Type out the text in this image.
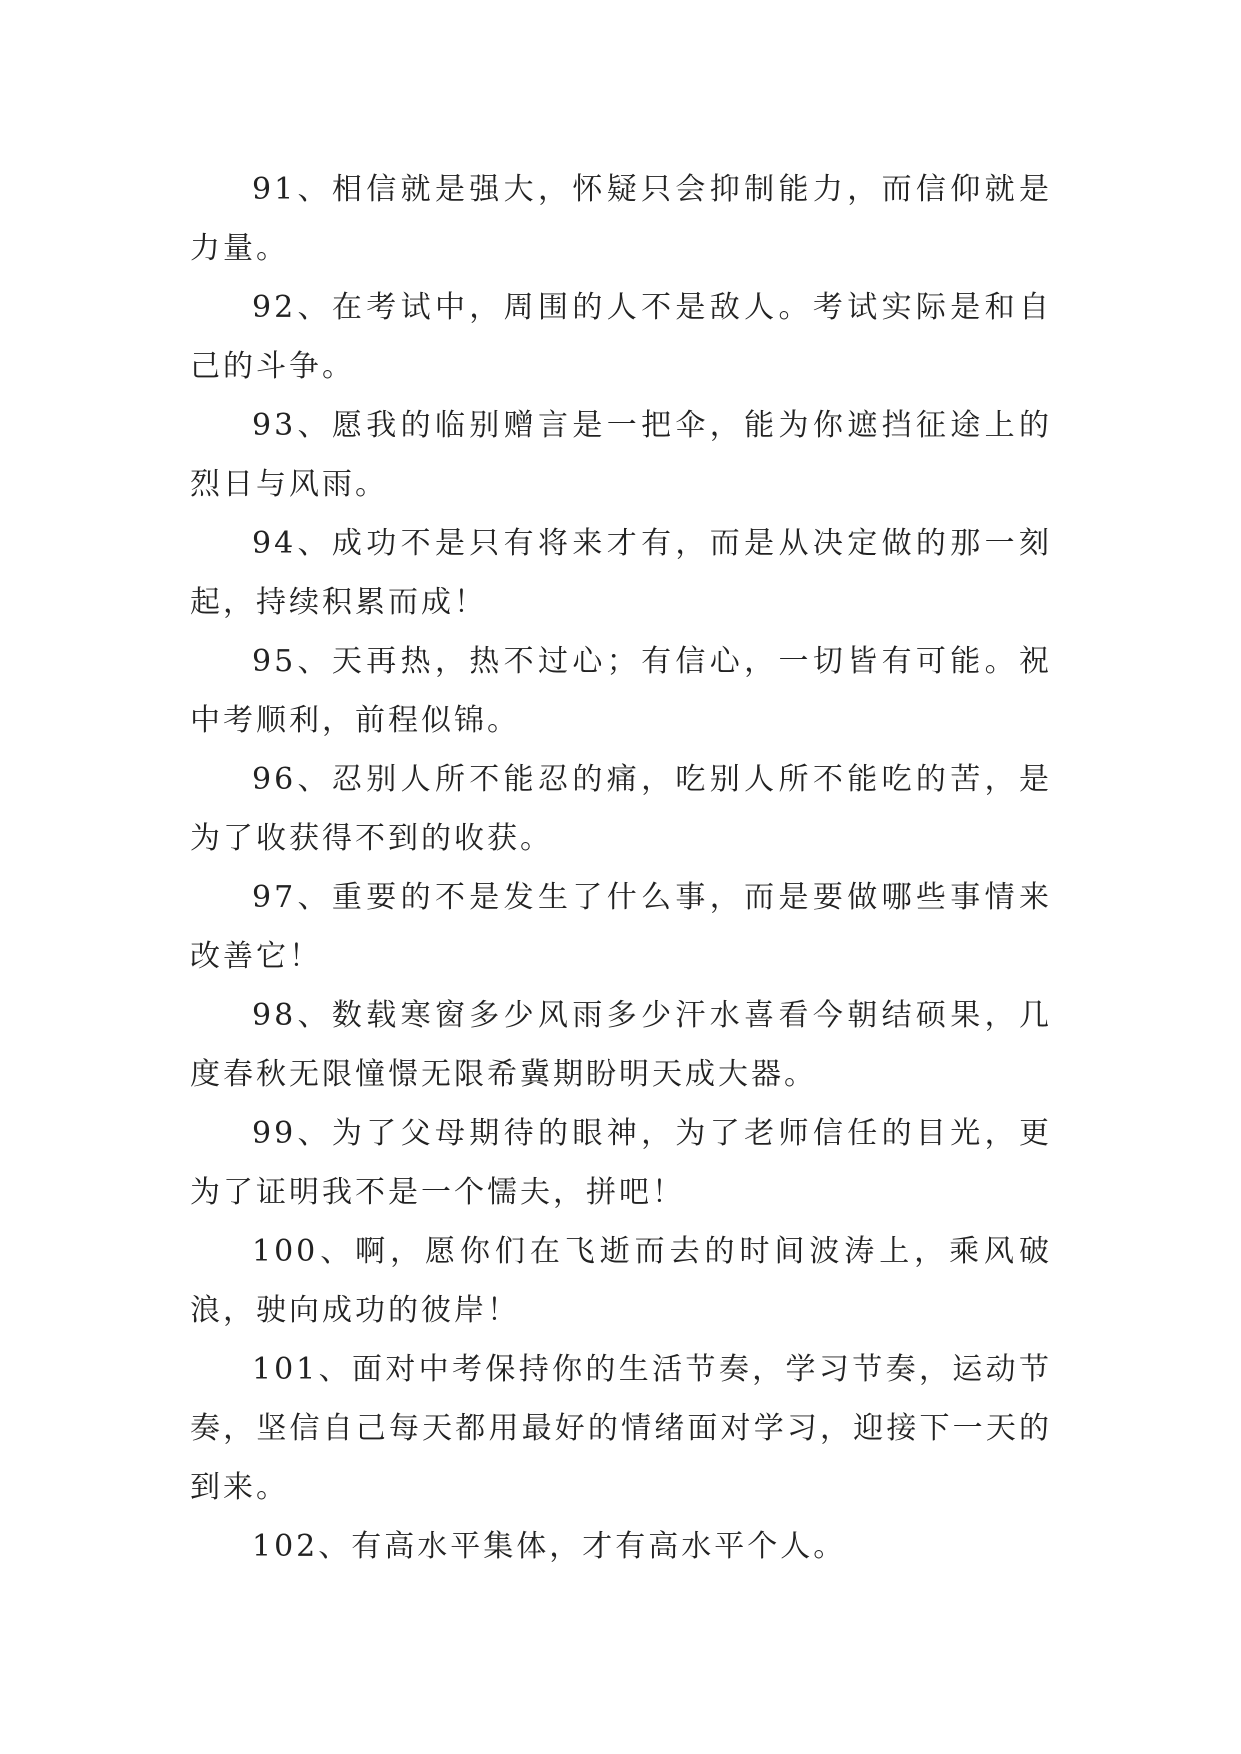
91、相信就是强大，怀疑只会抑制能力，而信仰就是力量。

92、在考试中，周围的人不是敌人。考试实际是和自己的斗争。

93、愿我的临别赠言是一把伞，能为你遮挡征途上的烈日与风雨。

94、成功不是只有将来才有，而是从决定做的那一刻起，持续积累而成！

95、天再热，热不过心；有信心，一切皆有可能。祝中考顺利，前程似锦。

96、忍别人所不能忍的痛，吃别人所不能吃的苦，是为了收获得不到的收获。

97、重要的不是发生了什么事，而是要做哪些事情来改善它！

98、数载寒窗多少风雨多少汗水喜看今朝结硕果，几度春秋无限憧憬无限希冀期盼明天成大器。

99、为了父母期待的眼神，为了老师信任的目光，更为了证明我不是一个懦夫，拼吧！

100、啊，愿你们在飞逝而去的时间波涛上，乘风破浪，驶向成功的彼岸！

101、面对中考保持你的生活节奏，学习节奏，运动节奏，坚信自己每天都用最好的情绪面对学习，迎接下一天的到来。

102、有高水平集体，才有高水平个人。
